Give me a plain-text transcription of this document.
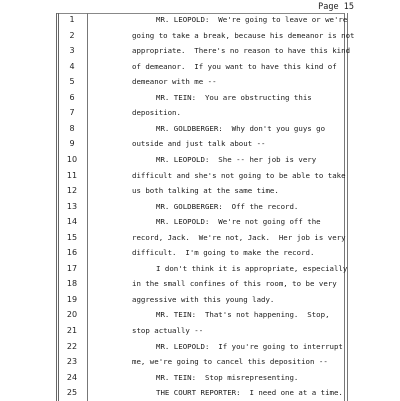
Page 15
1	MR. LEOPOLD:  We're going to leave or we're
2	going to take a break, because his demeanor is not
3	appropriate.  There's no reason to have this kind
4	of demeanor.  If you want to have this kind of
5	demeanor with me --
6	MR. TEIN:  You are obstructing this
7	deposition.
8	MR. GOLDBERGER:  Why don't you guys go
9	outside and just talk about --
10	MR. LEOPOLD:  She -- her job is very
11	difficult and she's not going to be able to take
12	us both talking at the same time.
13	MR. GOLDBERGER:  Off the record.
14	MR. LEOPOLD:  We're not going off the
15	record, Jack.  We're not, Jack.  Her job is very
16	difficult.  I'm going to make the record.
17	I don't think it is appropriate, especially
18	in the small confines of this room, to be very
19	aggressive with this young lady.
20	MR. TEIN:  That's not happening.  Stop,
21	stop actually --
22	MR. LEOPOLD:  If you're going to interrupt
23	me, we're going to cancel this deposition --
24	MR. TEIN:  Stop misrepresenting.
25	THE COURT REPORTER:  I need one at a time.
